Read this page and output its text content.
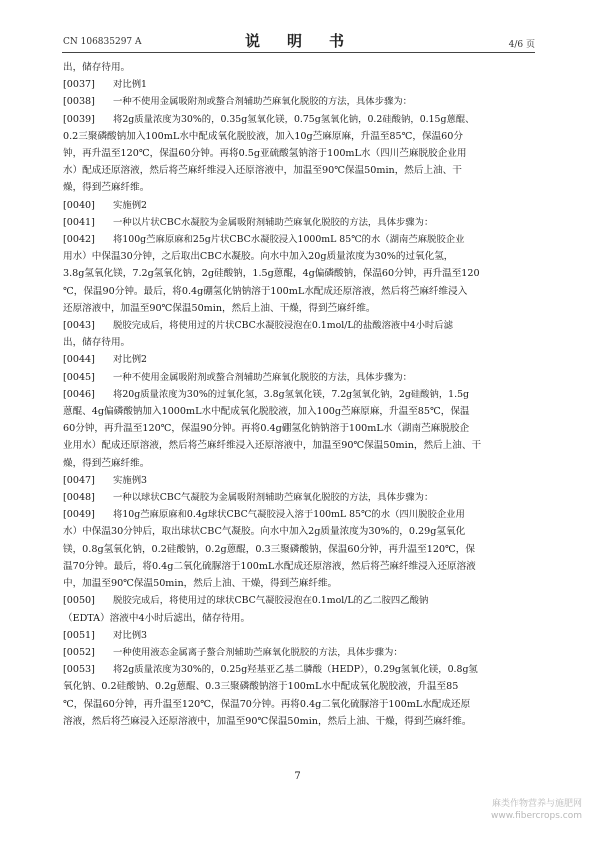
CN 106835297 A	说　明　书	4/6 页
出，储存待用。
[0037]	对比例1
[0038]	一种不使用金属吸附剂或螯合剂辅助苎麻氧化脱胶的方法，具体步骤为：
[0039]	将2g质量浓度为30%的，0.35g氢氧化镁，0.75g氢氧化钠，0.2硅酸钠，0.15g蒽醌、
0.2三聚磷酸钠加入100mL水中配成氧化脱胶液，加入10g苎麻原麻，升温至85℃，保温60分
钟，再升温至120℃，保温60分钟。再将0.5g亚硫酸氢钠溶于100mL水（四川苎麻脱胶企业用
水）配成还原溶液，然后将苎麻纤维浸入还原溶液中，加温至90℃保温50min，然后上油、干
燥，得到苎麻纤维。
[0040]	实施例2
[0041]	一种以片状CBC水凝胶为金属吸附剂辅助苎麻氧化脱胶的方法，具体步骤为：
[0042]	将100g苎麻原麻和25g片状CBC水凝胶浸入1000mL 85℃的水（湖南苎麻脱胶企业
用水）中保温30分钟，之后取出CBC水凝胶。向水中加入20g质量浓度为30%的过氧化氢，
3.8g氢氧化镁，7.2g氢氧化钠，2g硅酸钠，1.5g蒽醌，4g偏磷酸钠，保温60分钟，再升温至120
℃，保温90分钟。最后，将0.4g硼氢化钠钠溶于100mL水配成还原溶液，然后将苎麻纤维浸入
还原溶液中，加温至90℃保温50min，然后上油、干燥，得到苎麻纤维。
[0043]	脱胶完成后，将使用过的片状CBC水凝胶浸泡在0.1mol/L的盐酸溶液中4小时后滤
出，储存待用。
[0044]	对比例2
[0045]	一种不使用金属吸附剂或螯合剂辅助苎麻氧化脱胶的方法，具体步骤为：
[0046]	将20g质量浓度为30%的过氧化氢，3.8g氢氧化镁，7.2g氢氧化钠，2g硅酸钠，1.5g
蒽醌、4g偏磷酸钠加入1000mL水中配成氧化脱胶液，加入100g苎麻原麻，升温至85℃，保温
60分钟，再升温至120℃，保温90分钟。再将0.4g硼氢化钠钠溶于100mL水（湖南苎麻脱胶企
业用水）配成还原溶液，然后将苎麻纤维浸入还原溶液中，加温至90℃保温50min，然后上油、干
燥，得到苎麻纤维。
[0047]	实施例3
[0048]	一种以球状CBC气凝胶为金属吸附剂辅助苎麻氧化脱胶的方法，具体步骤为：
[0049]	将10g苎麻原麻和0.4g球状CBC气凝胶浸入溶于100mL 85℃的水（四川脱胶企业用
水）中保温30分钟后，取出球状CBC气凝胶。向水中加入2g质量浓度为30%的，0.29g氢氧化
镁，0.8g氢氧化钠，0.2硅酸钠，0.2g蒽醌，0.3三聚磷酸钠，保温60分钟，再升温至120℃，保
温70分钟。最后，将0.4g二氧化硫脲溶于100mL水配成还原溶液，然后将苎麻纤维浸入还原溶液
中，加温至90℃保温50min，然后上油、干燥，得到苎麻纤维。
[0050]	脱胶完成后，将使用过的球状CBC气凝胶浸泡在0.1mol/L的乙二胺四乙酸钠
（EDTA）溶液中4小时后滤出，储存待用。
[0051]	对比例3
[0052]	一种使用液态金属离子螯合剂辅助苎麻氧化脱胶的方法，具体步骤为：
[0053]	将2g质量浓度为30%的，0.25g羟基亚乙基二膦酸（HEDP），0.29g氢氧化镁，0.8g氢
氧化钠、0.2硅酸钠、0.2g蒽醌、0.3三聚磷酸钠溶于100mL水中配成氧化脱胶液，升温至85
℃，保温60分钟，再升温至120℃，保温70分钟。再将0.4g二氧化硫脲溶于100mL水配成还原
溶液，然后将苎麻浸入还原溶液中，加温至90℃保温50min，然后上油、干燥，得到苎麻纤维。
7
麻类作物营养与施肥网
www.fibercrops.com
